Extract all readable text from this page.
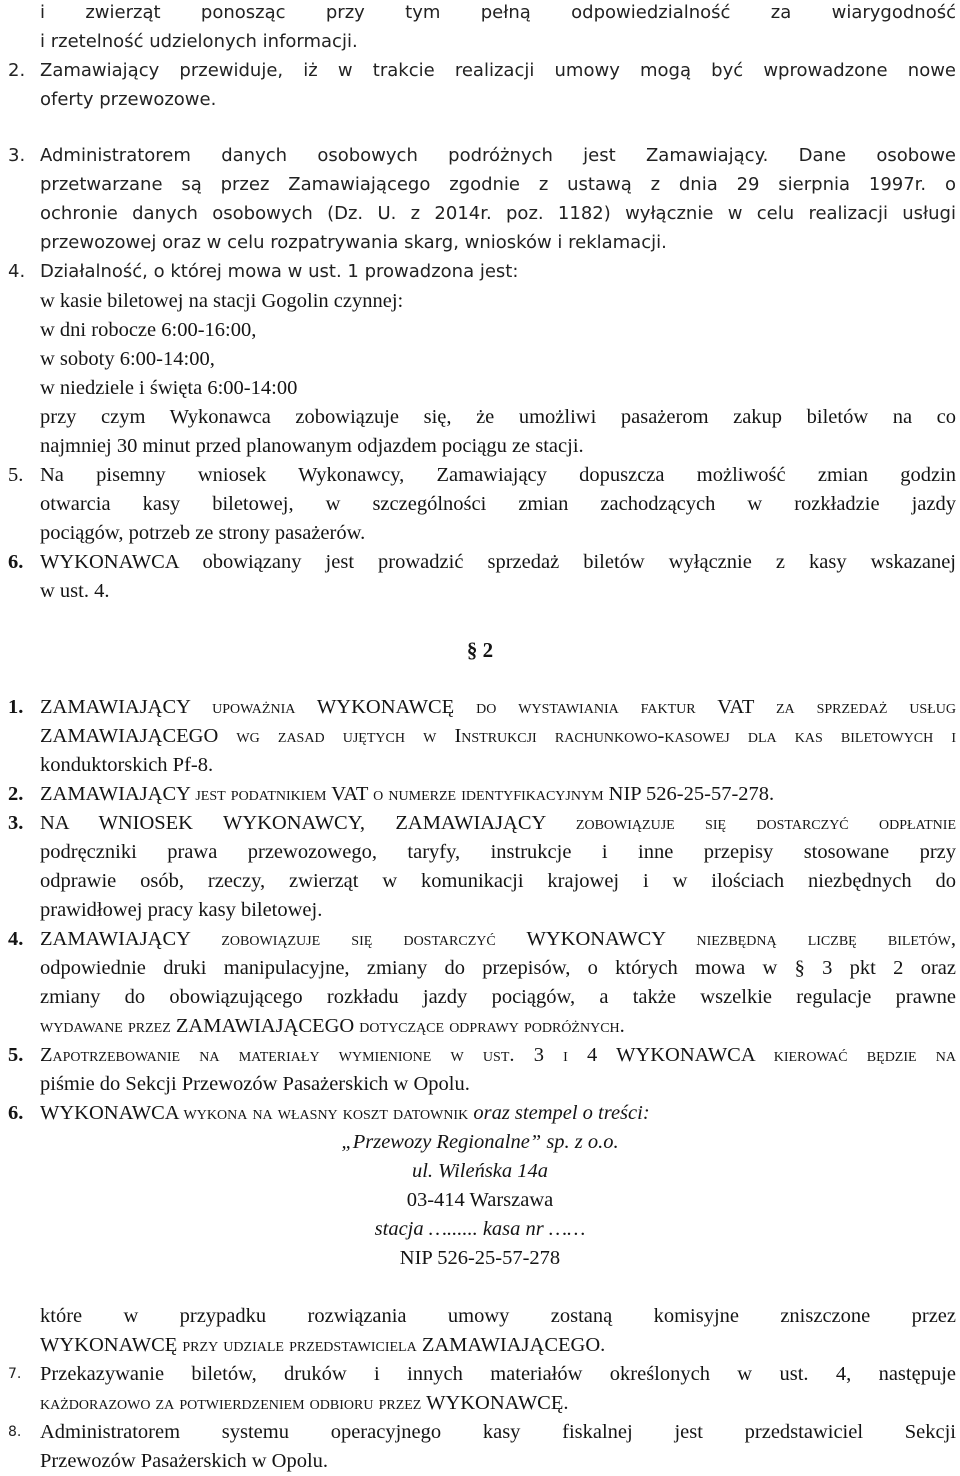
i zwierząt ponosząc przy tym pełną odpowiedzialność za wiarygodność
i rzetelność udzielonych informacji.
2. Zamawiający przewiduje, iż w trakcie realizacji umowy mogą być wprowadzone nowe
oferty przewozowe.
3. Administratorem danych osobowych podróżnych jest Zamawiający. Dane osobowe
przetwarzane są przez Zamawiającego zgodnie z ustawą z dnia 29 sierpnia 1997r. o
ochronie danych osobowych (Dz. U. z 2014r. poz. 1182) wyłącznie w celu realizacji usługi
przewozowej oraz w celu rozpatrywania skarg, wniosków i reklamacji.
4. Działalność, o której mowa w ust. 1 prowadzona jest:
w kasie biletowej na stacji Gogolin czynnej:
w dni robocze 6:00-16:00,
w soboty 6:00-14:00,
w niedziele i święta 6:00-14:00
przy czym Wykonawca zobowiązuje się, że umożliwi pasażerom zakup biletów na co
najmniej 30 minut przed planowanym odjazdem pociągu ze stacji.
5. Na pisemny wniosek Wykonawcy, Zamawiający dopuszcza możliwość zmian godzin
otwarcia kasy biletowej, w szczególności zmian zachodzących w rozkładzie jazdy
pociągów, potrzeb ze strony pasażerów.
6. WYKONAWCA obowiązany jest prowadzić sprzedaż biletów wyłącznie z kasy wskazanej
w ust. 4.
§ 2
1. ZAMAWIAJĄCY upoważnia WYKONAWCĘ do wystawiania faktur VAT za sprzedaż usług
ZAMAWIAJĄCEGO wg zasad ujętych w Instrukcji rachunkowo-kasowej dla kas biletowych i
konduktorskich Pf-8.
2. ZAMAWIAJĄCY jest podatnikiem VAT o numerze identyfikacyjnym NIP 526-25-57-278.
3. NA WNIOSEK WYKONAWCY, ZAMAWIAJĄCY zobowiązuje się dostarczyć odpłatnie
podręczniki prawa przewozowego, taryfy, instrukcje i inne przepisy stosowane przy
odprawie osób, rzeczy, zwierząt w komunikacji krajowej i w ilościach niezbędnych do
prawidłowej pracy kasy biletowej.
4. ZAMAWIAJĄCY zobowiązuje się dostarczyć WYKONAWCY niezbędną liczbę biletów,
odpowiednie druki manipulacyjne, zmiany do przepisów, o których mowa w § 3 pkt 2 oraz
zmiany do obowiązującego rozkładu jazdy pociągów, a także wszelkie regulacje prawne
wydawane przez ZAMAWIAJĄCEGO dotyczące odprawy podróżnych.
5. Zapotrzebowanie na materiały wymienione w ust. 3 i 4 WYKONAWCA kierować będzie na
piśmie do Sekcji Przewozów Pasażerskich w Opolu.
6. WYKONAWCA wykona na własny koszt datownik oraz stempel o treści:
„Przewozy Regionalne” sp. z o.o.
ul. Wileńska 14a
03-414 Warszawa
stacja …...... kasa nr ……
NIP 526-25-57-278
które w przypadku rozwiązania umowy zostaną komisyjne zniszczone przez
WYKONAWCĘ przy udziale przedstawiciela ZAMAWIAJĄCEGO.
7. Przekazywanie biletów, druków i innych materiałów określonych w ust. 4, następuje
każdorazowo za potwierdzeniem odbioru przez WYKONAWCĘ.
8. Administratorem systemu operacyjnego kasy fiskalnej jest przedstawiciel Sekcji
Przewozów Pasażerskich w Opolu.
